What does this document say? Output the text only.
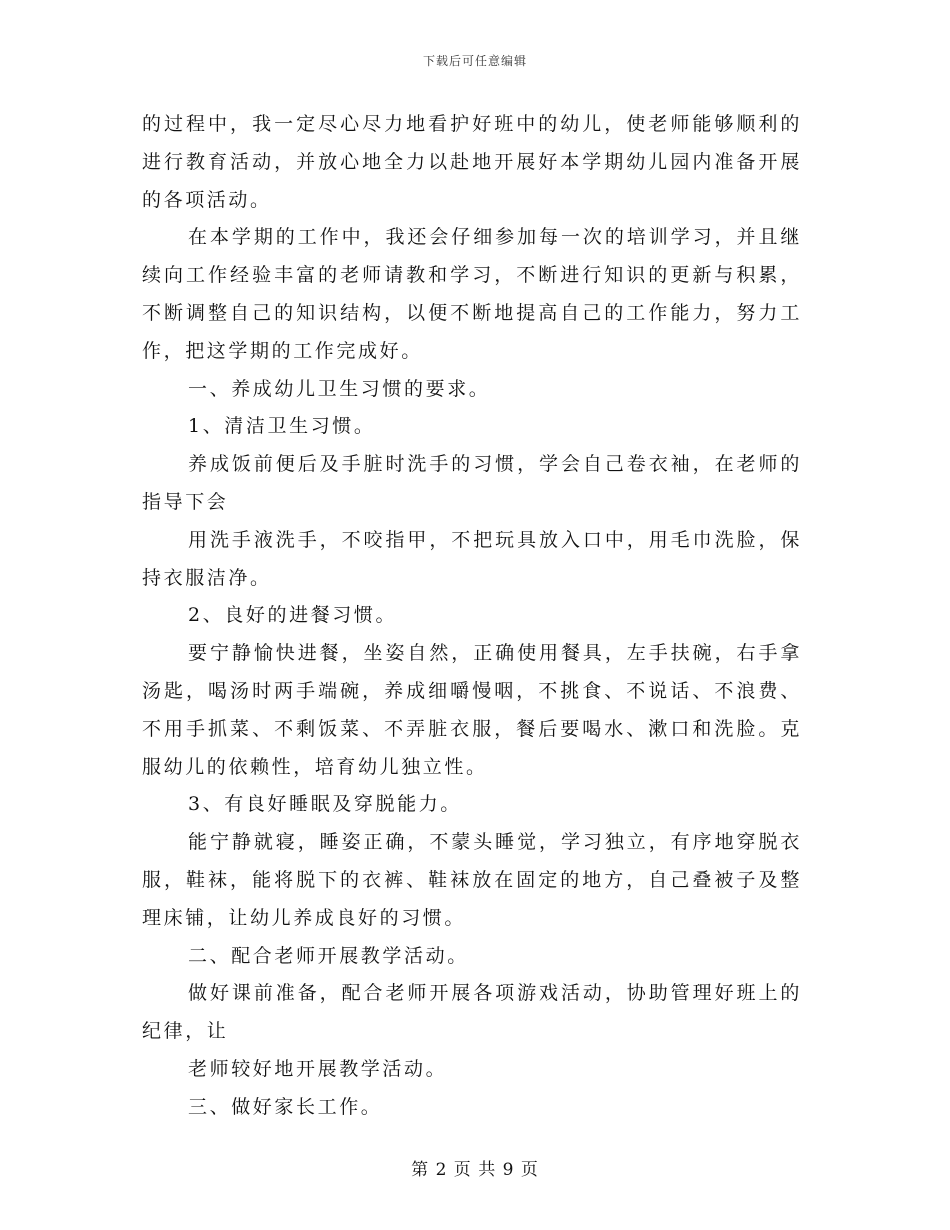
下载后可任意编辑

的过程中，我一定尽心尽力地看护好班中的幼儿，使老师能够顺利的进行教育活动，并放心地全力以赴地开展好本学期幼儿园内准备开展的各项活动。

在本学期的工作中，我还会仔细参加每一次的培训学习，并且继续向工作经验丰富的老师请教和学习，不断进行知识的更新与积累，不断调整自己的知识结构，以便不断地提高自己的工作能力，努力工作，把这学期的工作完成好。

一、养成幼儿卫生习惯的要求。

1、清洁卫生习惯。

养成饭前便后及手脏时洗手的习惯，学会自己卷衣袖，在老师的指导下会

用洗手液洗手，不咬指甲，不把玩具放入口中，用毛巾洗脸，保持衣服洁净。

2、良好的进餐习惯。

要宁静愉快进餐，坐姿自然，正确使用餐具，左手扶碗，右手拿汤匙，喝汤时两手端碗，养成细嚼慢咽，不挑食、不说话、不浪费、不用手抓菜、不剩饭菜、不弄脏衣服，餐后要喝水、漱口和洗脸。克服幼儿的依赖性，培育幼儿独立性。

3、有良好睡眠及穿脱能力。

能宁静就寝，睡姿正确，不蒙头睡觉，学习独立，有序地穿脱衣服，鞋袜，能将脱下的衣裤、鞋袜放在固定的地方，自己叠被子及整理床铺，让幼儿养成良好的习惯。

二、配合老师开展教学活动。

做好课前准备，配合老师开展各项游戏活动，协助管理好班上的纪律，让

老师较好地开展教学活动。

三、做好家长工作。

第 2 页 共 9 页
